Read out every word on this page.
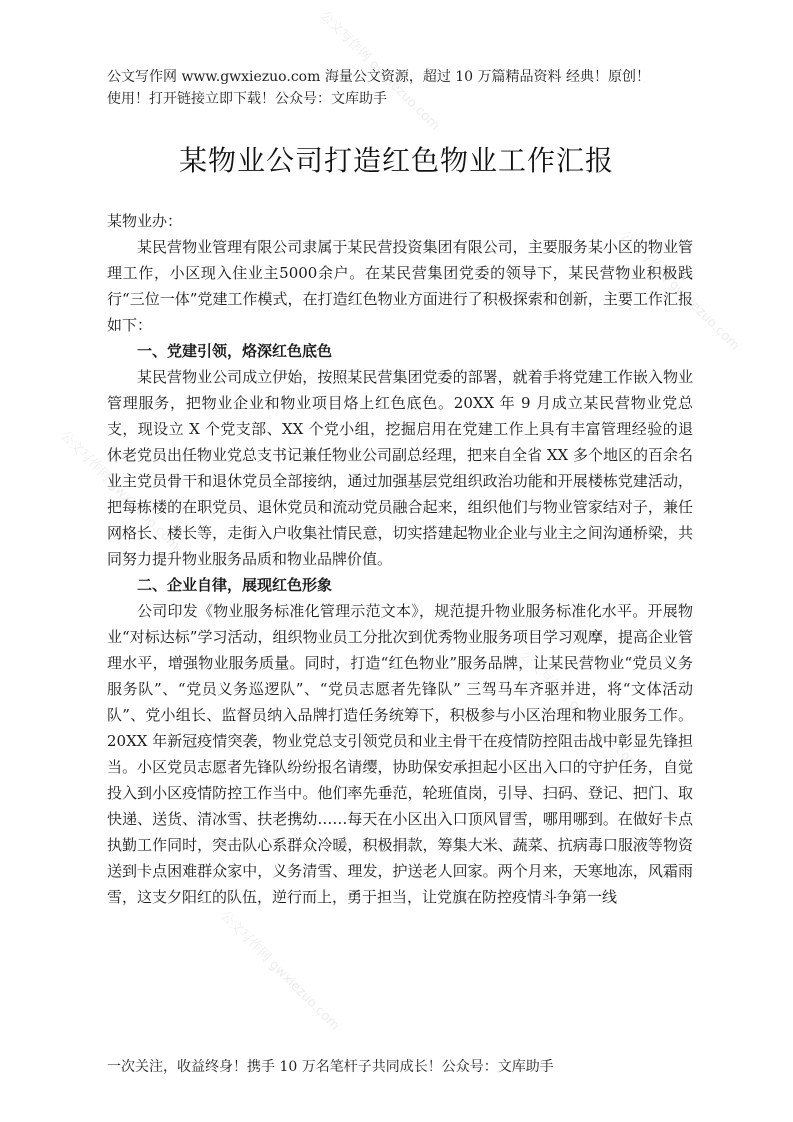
公文写作网 gwxiezuo.com
公文写作网 gwxiezuo.com
公文写作网 gwxiezuo.com
公文写作网 gwxiezuo.com
公文写作网 gwxiezuo.com
公文写作网 www.gwxiezuo.com 海量公文资源，超过 10 万篇精品资料 经典！原创！
使用！打开链接立即下载！公众号：文库助手
某物业公司打造红色物业工作汇报

某物业办：

某民营物业管理有限公司隶属于某民营投资集团有限公司，主要服务某小区的物业管理工作，小区现入住业主5000余户。在某民营集团党委的领导下，某民营物业积极践行“三位一体”党建工作模式，在打造红色物业方面进行了积极探索和创新，主要工作汇报如下：

一、党建引领，烙深红色底色

某民营物业公司成立伊始，按照某民营集团党委的部署，就着手将党建工作嵌入物业管理服务，把物业企业和物业项目烙上红色底色。20XX 年 9 月成立某民营物业党总支，现设立 X 个党支部、XX 个党小组，挖掘启用在党建工作上具有丰富管理经验的退休老党员出任物业党总支书记兼任物业公司副总经理，把来自全省 XX 多个地区的百余名业主党员骨干和退休党员全部接纳，通过加强基层党组织政治功能和开展楼栋党建活动，把每栋楼的在职党员、退休党员和流动党员融合起来，组织他们与物业管家结对子，兼任网格长、楼长等，走街入户收集社情民意，切实搭建起物业企业与业主之间沟通桥梁，共同努力提升物业服务品质和物业品牌价值。

二、企业自律，展现红色形象

公司印发《物业服务标准化管理示范文本》，规范提升物业服务标准化水平。开展物业“对标达标”学习活动，组织物业员工分批次到优秀物业服务项目学习观摩，提高企业管理水平，增强物业服务质量。同时，打造“红色物业”服务品牌，让某民营物业“党员义务服务队”、“党员义务巡逻队”、“党员志愿者先锋队” 三驾马车齐驱并进，将“文体活动队”、党小组长、监督员纳入品牌打造任务统筹下，积极参与小区治理和物业服务工作。20XX 年新冠疫情突袭，物业党总支引领党员和业主骨干在疫情防控阻击战中彰显先锋担当。小区党员志愿者先锋队纷纷报名请缨，协助保安承担起小区出入口的守护任务，自觉投入到小区疫情防控工作当中。他们率先垂范，轮班值岗，引导、扫码、登记、把门、取快递、送货、清冰雪、扶老携幼……每天在小区出入口顶风冒雪，哪用哪到。在做好卡点执勤工作同时，突击队心系群众冷暖，积极捐款，筹集大米、蔬菜、抗病毒口服液等物资送到卡点困难群众家中，义务清雪、理发，护送老人回家。两个月来，天寒地冻，风霜雨雪，这支夕阳红的队伍，逆行而上，勇于担当，让党旗在防控疫情斗争第一线

一次关注，收益终身！携手 10 万名笔杆子共同成长！公众号：文库助手
